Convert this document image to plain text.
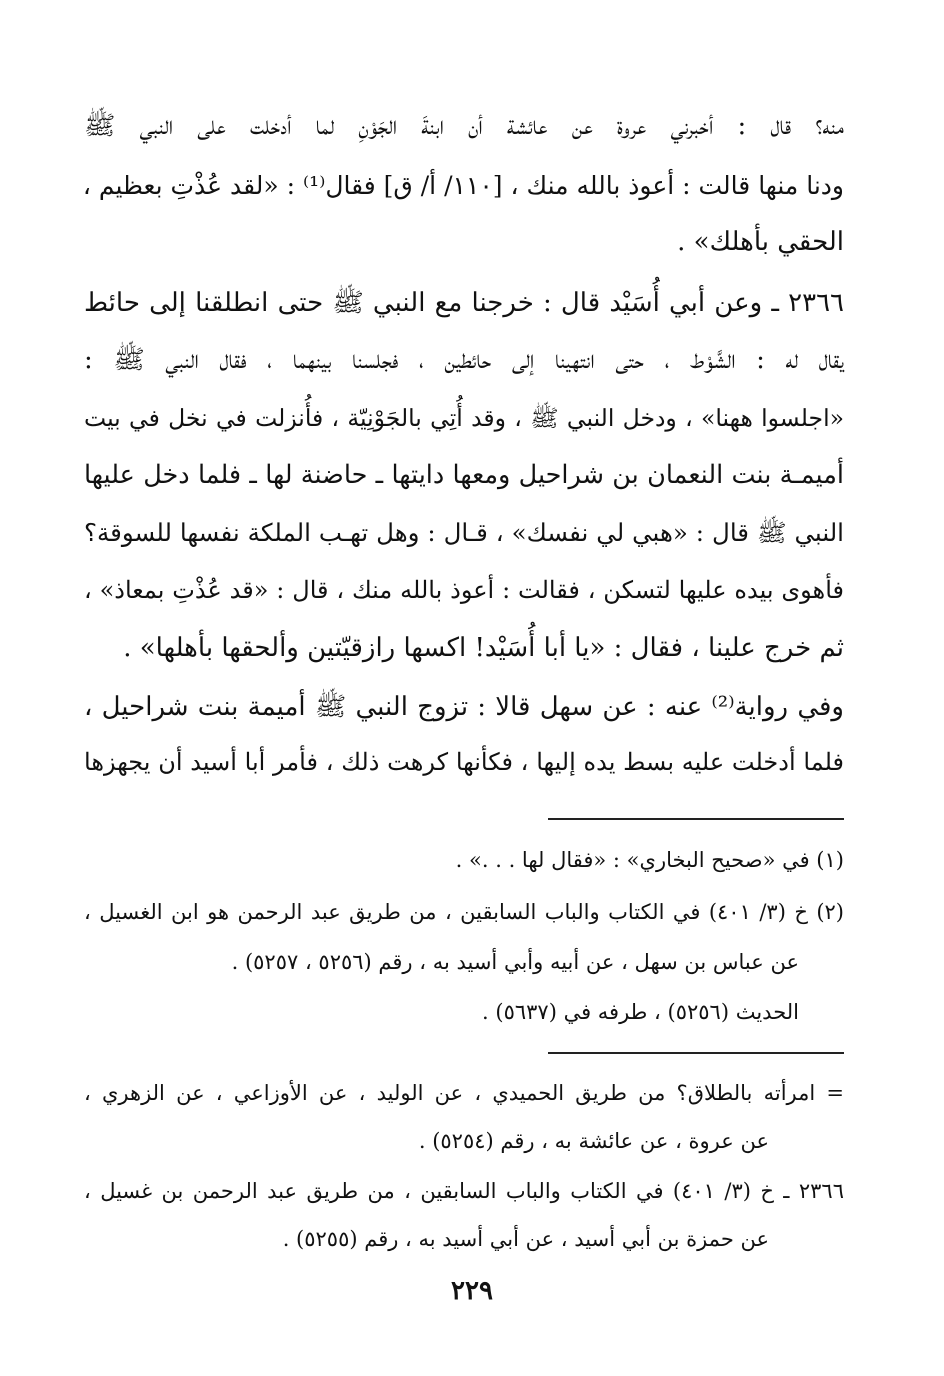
منه؟ قال : أخبرني عروة عن عائشة أن ابنةَ الجَوْنِ لما أدخلت على النبي ﷺ
ودنا منها قالت : أعوذ بالله منك ، [١١٠/ أ/ ق] فقال⁽¹⁾ : «لقد عُذْتِ بعظيم ،
الحقي بأهلك» .
٢٣٦٦ ـ وعن أبي أُسَيْد قال : خرجنا مع النبي ﷺ حتى انطلقنا إلى حائط
يقال له : الشَّوْط ، حتى انتهينا إلى حائطين ، فجلسنا بينهما ، فقال النبي ﷺ :
«اجلسوا ههنا» ، ودخل النبي ﷺ ، وقد أُتِي بالجَوْنِيّة ، فأُنزلت في نخل في بيت
أميمـة بنت النعمان بن شراحيل ومعها دايتها ـ حاضنة لها ـ فلما دخل عليها
النبي ﷺ قال : «هبي لي نفسك» ، قـال : وهل تهـب الملكة نفسها للسوقة؟
فأهوى بيده عليها لتسكن ، فقالت : أعوذ بالله منك ، قال : «قد عُذْتِ بمعاذ» ،
ثم خرج علينا ، فقال : «يا أبا أُسَيْد! اكسها رازقيّتين وألحقها بأهلها» .
وفي رواية⁽²⁾ عنه : عن سهل قالا : تزوج النبي ﷺ أميمة بنت شراحيل ،
فلما أدخلت عليه بسط يده إليها ، فكأنها كرهت ذلك ، فأمر أبا أسيد أن يجهزها
(١) في «صحيح البخاري» : «فقال لها . . .» .
(٢) خ (٣/ ٤٠١) في الكتاب والباب السابقين ، من طريق عبد الرحمن هو ابن الغسيل ،
عن عباس بن سهل ، عن أبيه وأبي أسيد به ، رقم (٥٢٥٦ ، ٥٢٥٧) .
الحديث (٥٢٥٦) ، طرفه في (٥٦٣٧) .
= امرأته بالطلاق؟ من طريق الحميدي ، عن الوليد ، عن الأوزاعي ، عن الزهري ،
عن عروة ، عن عائشة به ، رقم (٥٢٥٤) .
٢٣٦٦ ـ خ (٣/ ٤٠١) في الكتاب والباب السابقين ، من طريق عبد الرحمن بن غسيل ،
عن حمزة بن أبي أسيد ، عن أبي أسيد به ، رقم (٥٢٥٥) .
٢٢٩
